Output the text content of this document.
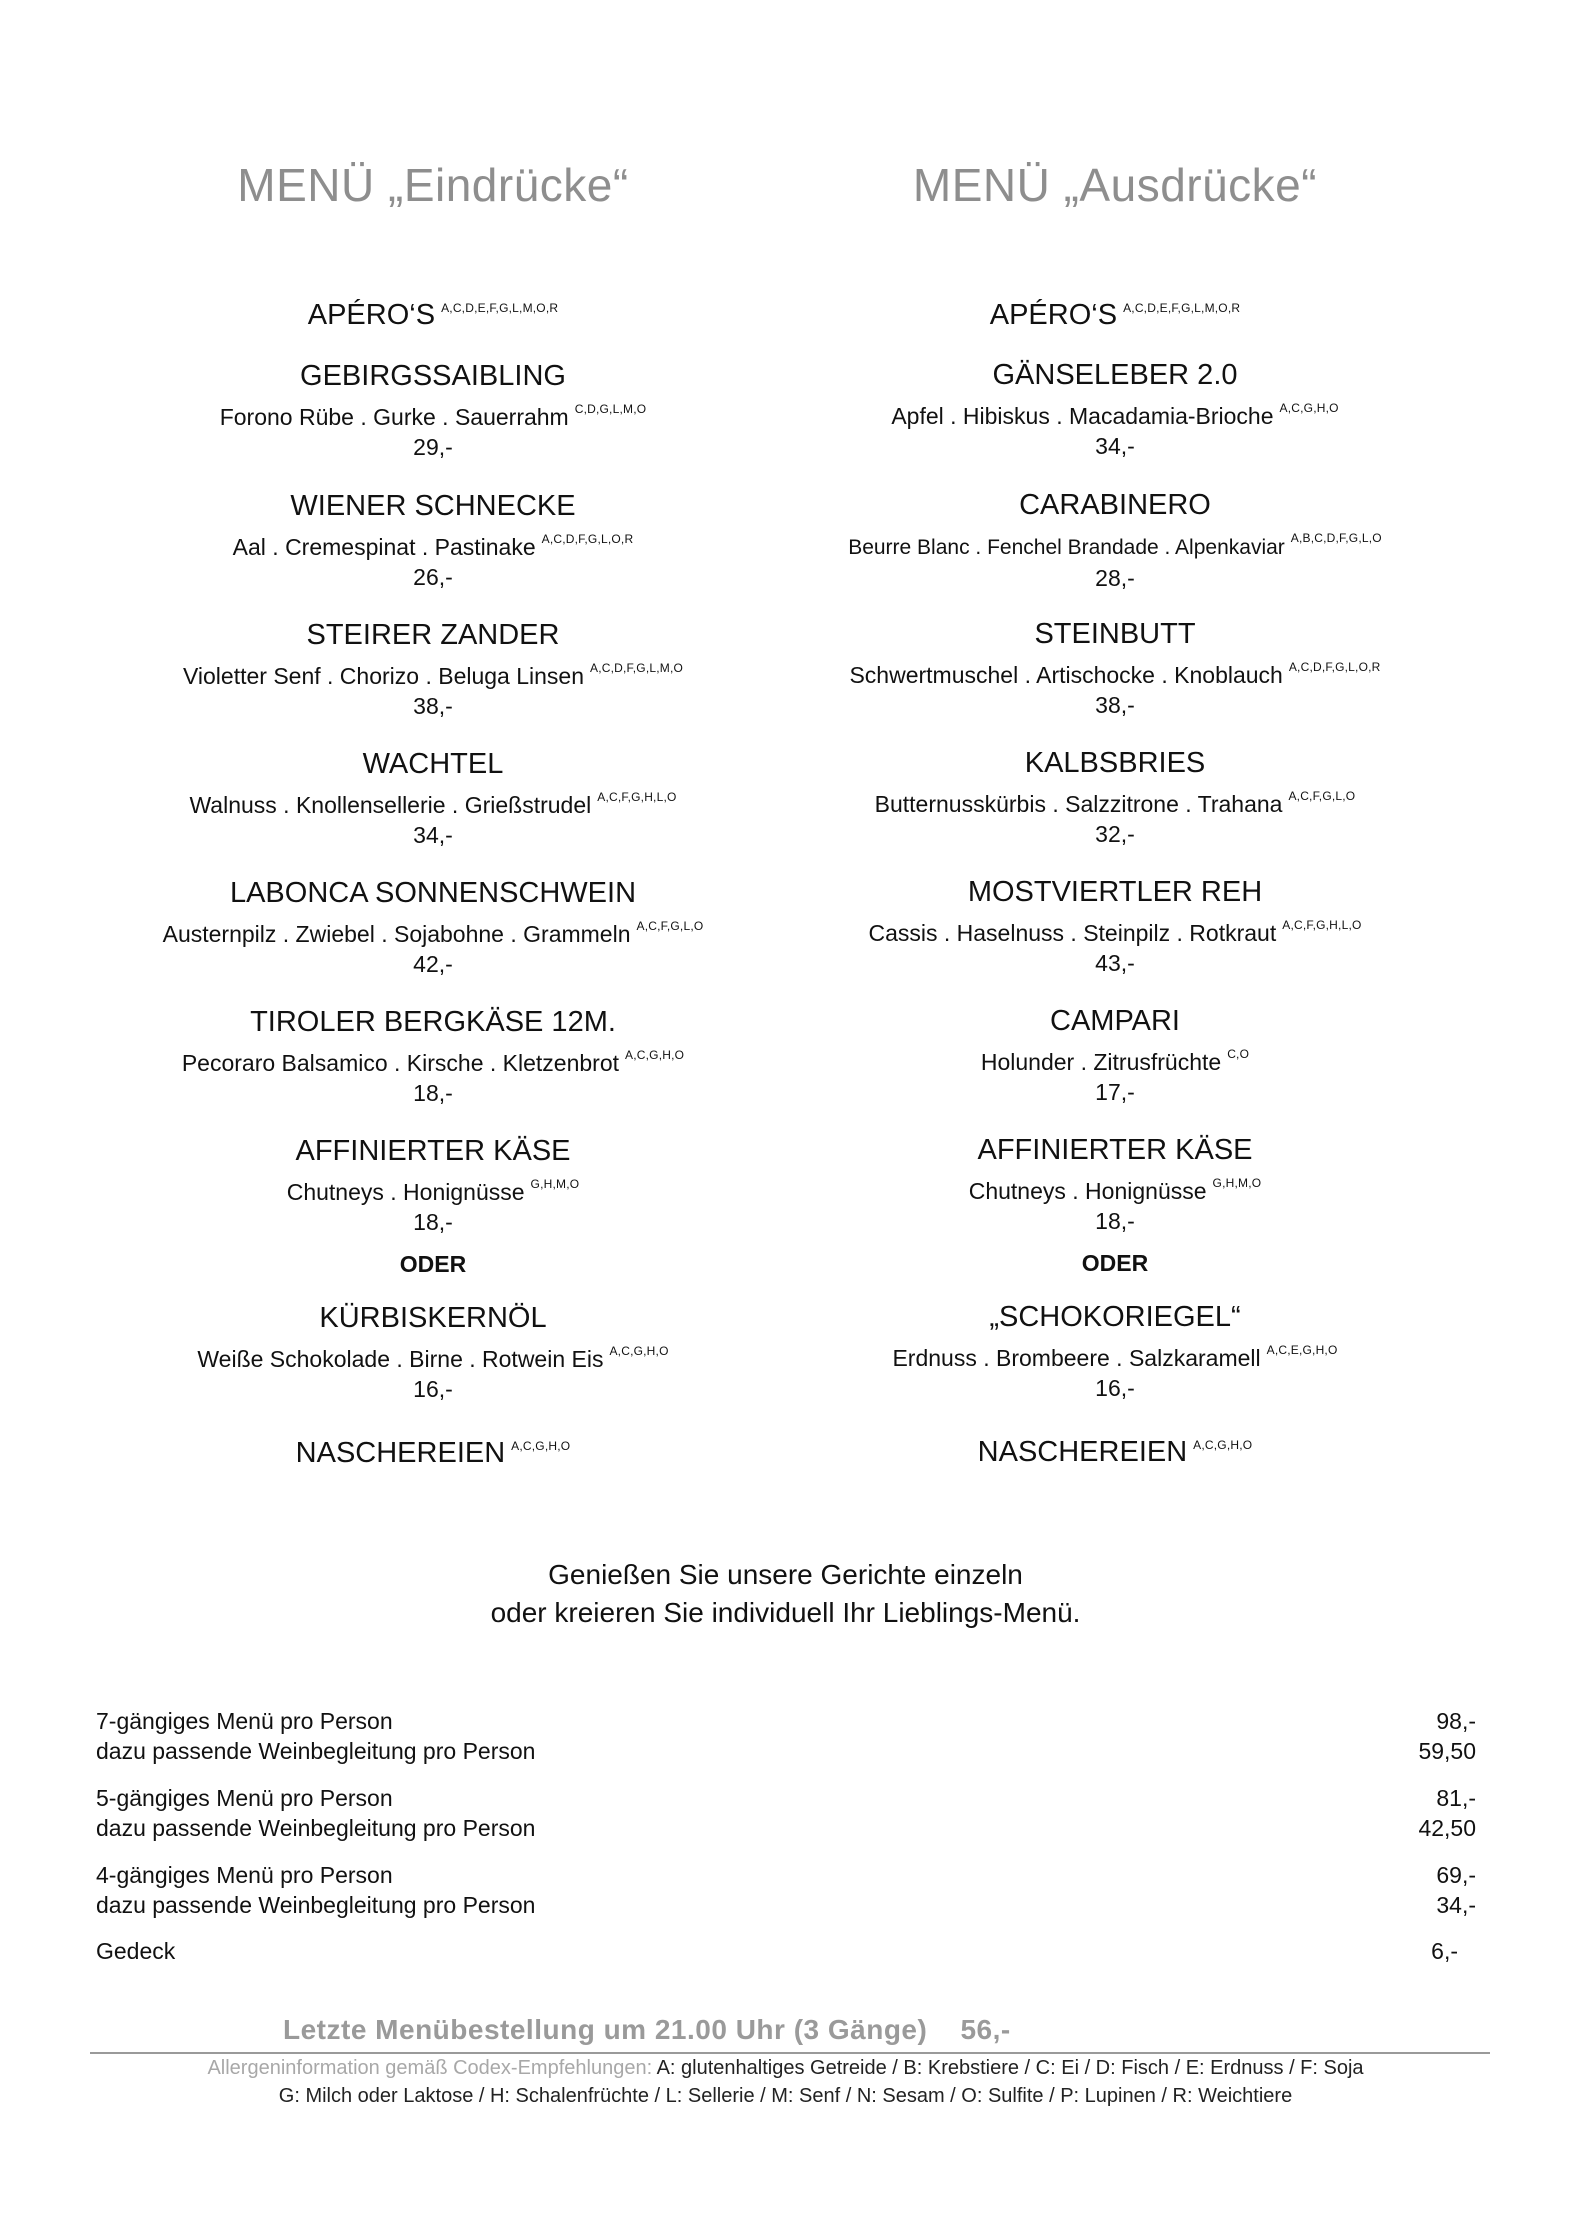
MENÜ „Eindrücke“
APÉRO‘S $^{A,C,D,E,F,G,L,M,O,R}$
GEBIRGSSAIBLING
Forono Rübe . Gurke . Sauerrahm $^{C,D,G,L,M,O}$
29,-
WIENER SCHNECKE
Aal . Cremespinat . Pastinake $^{A,C,D,F,G,L,O,R}$
26,-
STEIRER ZANDER
Violetter Senf . Chorizo . Beluga Linsen $^{A,C,D,F,G,L,M,O}$
38,-
WACHTEL
Walnuss . Knollensellerie . Grießstrudel $^{A,C,F,G,H,L,O}$
34,-
LABONCA SONNENSCHWEIN
Austernpilz . Zwiebel . Sojabohne . Grammeln $^{A,C,F,G,L,O}$
42,-
TIROLER BERGKÄSE 12M.
Pecoraro Balsamico . Kirsche . Kletzenbrot $^{A,C,G,H,O}$
18,-
AFFINIERTER KÄSE
Chutneys . Honignüsse $^{G,H,M,O}$
18,-
ODER
KÜRBISKERNÖL
Weiße Schokolade . Birne . Rotwein Eis $^{A,C,G,H,O}$
16,-
NASCHEREIEN $^{A,C,G,H,O}$
MENÜ „Ausdrücke“
APÉRO‘S $^{A,C,D,E,F,G,L,M,O,R}$
GÄNSELEBER 2.0
Apfel . Hibiskus . Macadamia-Brioche $^{A,C,G,H,O}$
34,-
CARABINERO
Beurre Blanc . Fenchel Brandade . Alpenkaviar $^{A,B,C,D,F,G,L,O}$
28,-
STEINBUTT
Schwertmuschel . Artischocke . Knoblauch $^{A,C,D,F,G,L,O,R}$
38,-
KALBSBRIES
Butternusskürbis . Salzzitrone . Trahana $^{A,C,F,G,L,O}$
32,-
MOSTVIERTLER REH
Cassis . Haselnuss . Steinpilz . Rotkraut $^{A,C,F,G,H,L,O}$
43,-
CAMPARI
Holunder . Zitrusfrüchte $^{C,O}$
17,-
AFFINIERTER KÄSE
Chutneys . Honignüsse $^{G,H,M,O}$
18,-
ODER
„SCHOKORIEGEL“
Erdnuss . Brombeere . Salzkaramell $^{A,C,E,G,H,O}$
16,-
NASCHEREIEN $^{A,C,G,H,O}$
Genießen Sie unsere Gerichte einzeln
oder kreieren Sie individuell Ihr Lieblings-Menü.
7-gängiges Menü pro Person	98,-
dazu passende Weinbegleitung pro Person	59,50
5-gängiges Menü pro Person	81,-
dazu passende Weinbegleitung pro Person	42,50
4-gängiges Menü pro Person	69,-
dazu passende Weinbegleitung pro Person	34,-
Gedeck	6,-
Letzte Menübestellung um 21.00 Uhr (3 Gänge)    56,-
Allergeninformation gemäß Codex-Empfehlungen: A: glutenhaltiges Getreide / B: Krebstiere / C: Ei / D: Fisch / E: Erdnuss / F: Soja
G: Milch oder Laktose / H: Schalenfrüchte / L: Sellerie / M: Senf / N: Sesam / O: Sulfite / P: Lupinen / R: Weichtiere
